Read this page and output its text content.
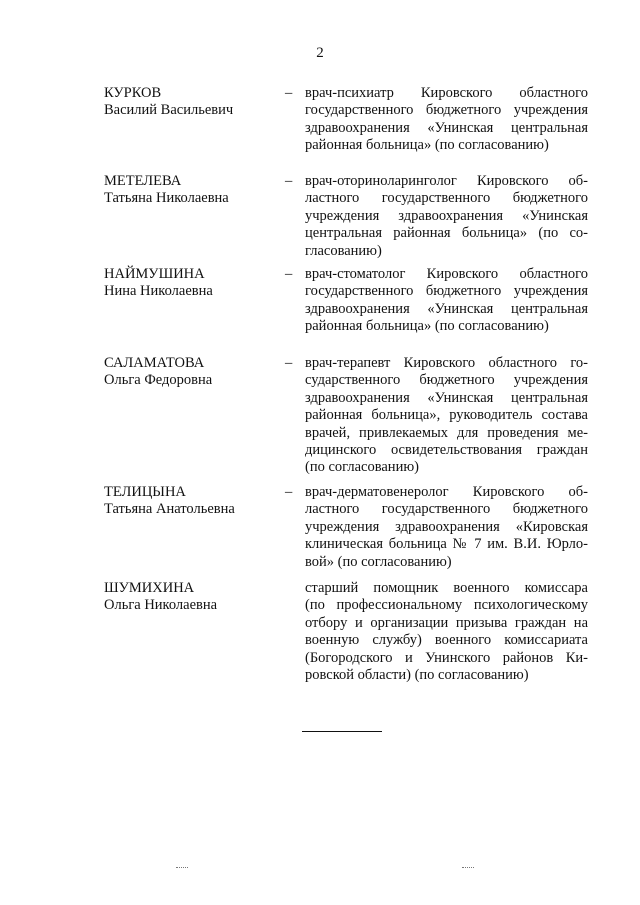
2
КУРКОВ
Василий Васильевич
– врач-психиатр Кировского областного
государственного бюджетного учреждения
здравоохранения «Унинская центральная
районная больница» (по согласованию)
МЕТЕЛЕВА
Татьяна Николаевна
– врач-оториноларинголог Кировского об-
ластного государственного бюджетного
учреждения здравоохранения «Унинская
центральная районная больница» (по со-
гласованию)
НАЙМУШИНА
Нина Николаевна
– врач-стоматолог Кировского областного
государственного бюджетного учреждения
здравоохранения «Унинская центральная
районная больница» (по согласованию)
САЛАМАТОВА
Ольга Федоровна
– врач-терапевт Кировского областного го-
сударственного бюджетного учреждения
здравоохранения «Унинская центральная
районная больница», руководитель состава
врачей, привлекаемых для проведения ме-
дицинского освидетельствования граждан
(по согласованию)
ТЕЛИЦЫНА
Татьяна Анатольевна
– врач-дерматовенеролог Кировского об-
ластного государственного бюджетного
учреждения здравоохранения «Кировская
клиническая больница № 7 им. В.И. Юрло-
вой» (по согласованию)
ШУМИХИНА
Ольга Николаевна
старший помощник военного комиссара
(по профессиональному психологическому
отбору и организации призыва граждан на
военную службу) военного комиссариата
(Богородского и Унинского районов Ки-
ровской области) (по согласованию)
